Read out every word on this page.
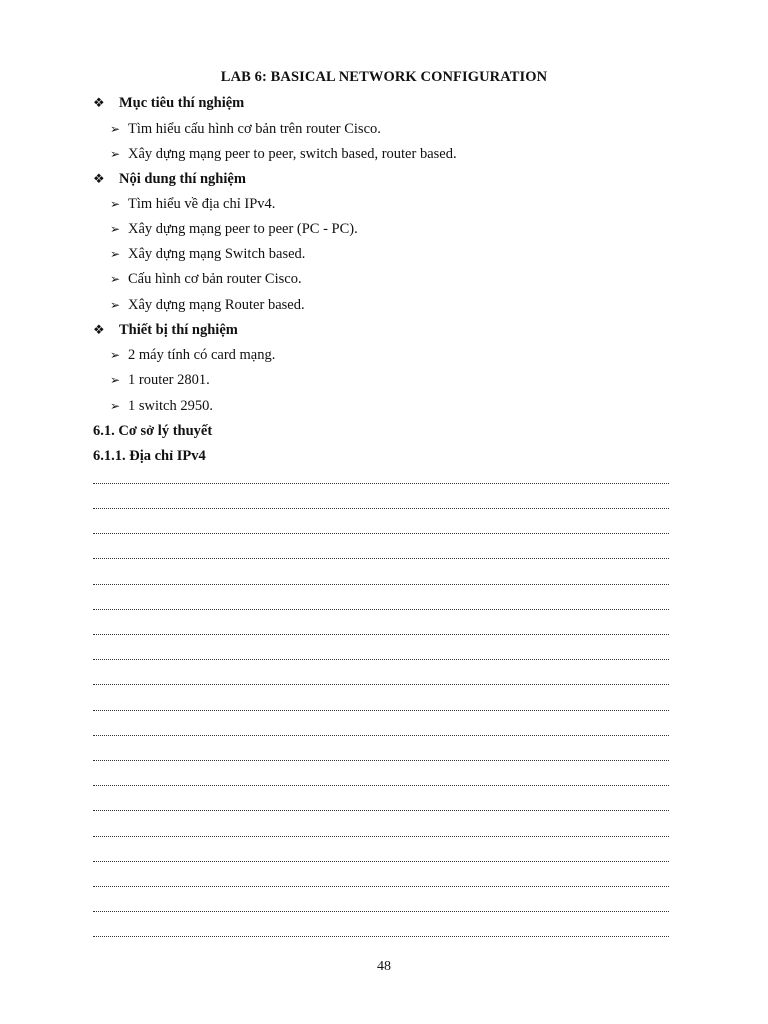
LAB 6: BASICAL NETWORK CONFIGURATION
❖ Mục tiêu thí nghiệm
➢ Tìm hiểu cấu hình cơ bản trên router Cisco.
➢ Xây dựng mạng peer to peer, switch based, router based.
❖ Nội dung thí nghiệm
➢ Tìm hiểu về địa chỉ IPv4.
➢ Xây dựng mạng peer to peer (PC - PC).
➢ Xây dựng mạng Switch based.
➢ Cấu hình cơ bản router Cisco.
➢ Xây dựng mạng Router based.
❖ Thiết bị thí nghiệm
➢ 2 máy tính có card mạng.
➢ 1 router 2801.
➢ 1 switch 2950.
6.1. Cơ sở lý thuyết
6.1.1. Địa chỉ IPv4
48
